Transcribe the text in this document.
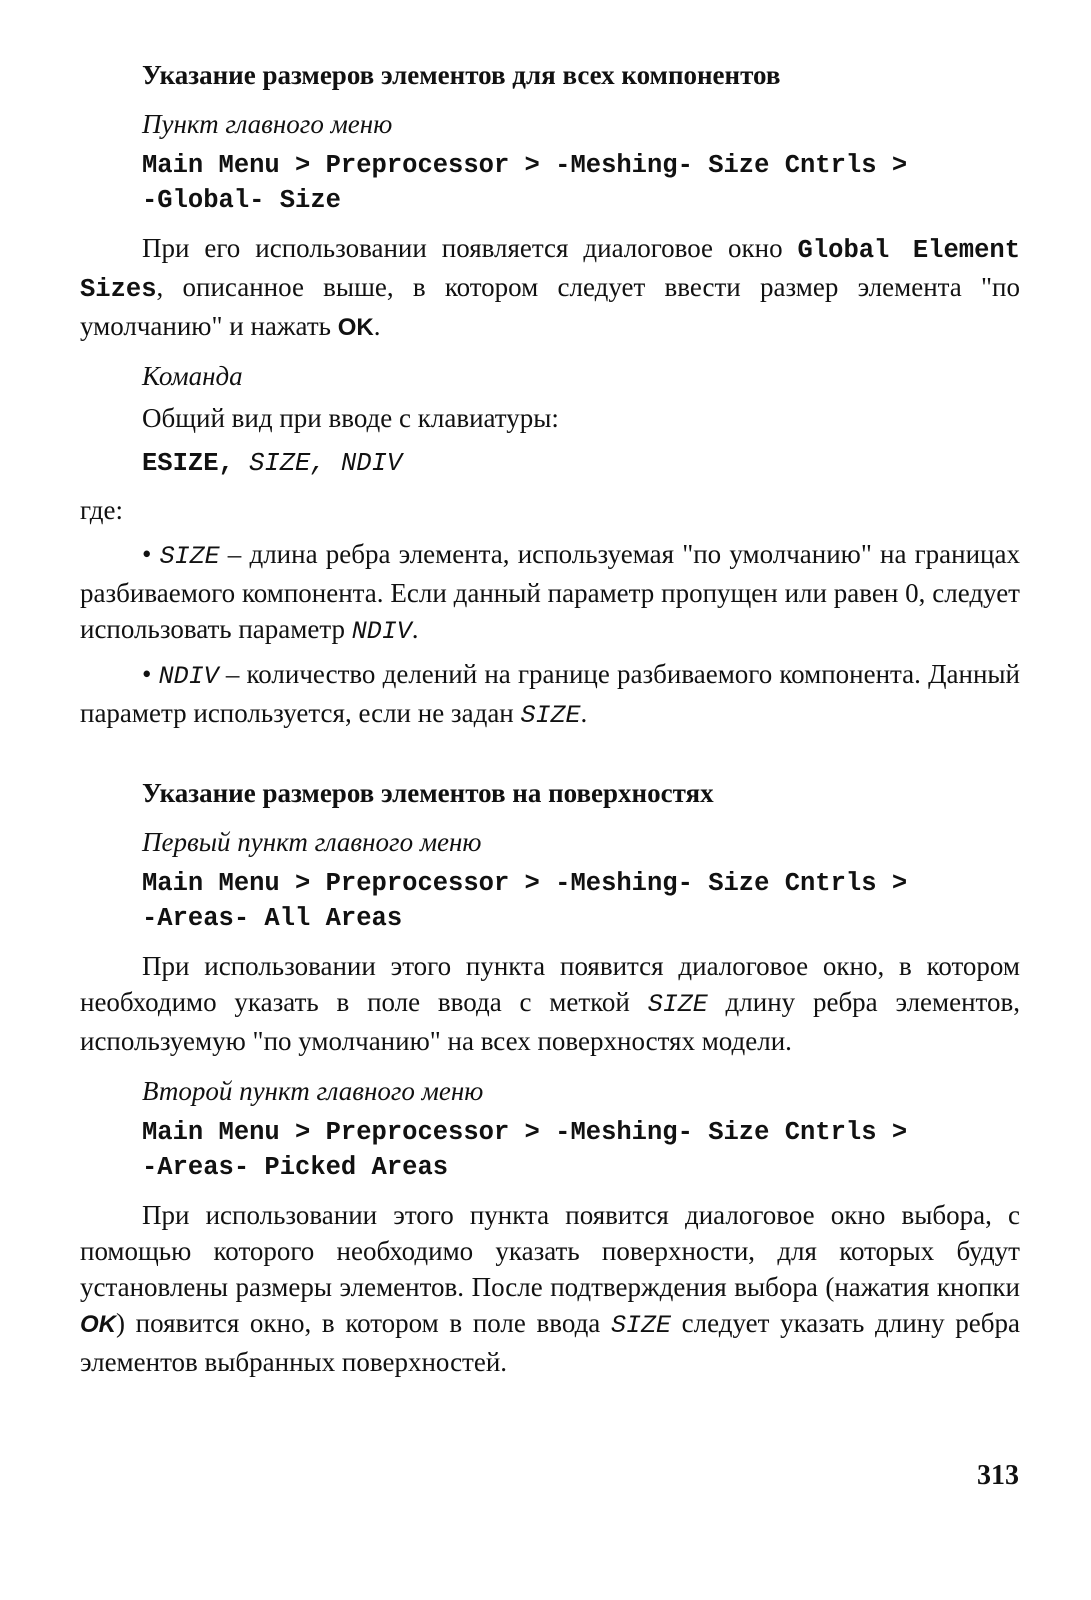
Указание размеров элементов для всех компонентов
Пункт главного меню
Main Menu > Preprocessor > -Meshing- Size Cntrls >
-Global- Size

При его использовании появляется диалоговое окно Global Element Sizes, описанное выше, в котором следует ввести размер элемента "по умолчанию" и нажать OK.

Команда
Общий вид при вводе с клавиатуры:
ESIZE, SIZE, NDIV
где:

• SIZE – длина ребра элемента, используемая "по умолчанию" на границах разбиваемого компонента. Если данный параметр пропущен или равен 0, следует использовать параметр NDIV.

• NDIV – количество делений на границе разбиваемого компонента. Данный параметр используется, если не задан SIZE.

Указание размеров элементов на поверхностях
Первый пункт главного меню
Main Menu > Preprocessor > -Meshing- Size Cntrls >
-Areas- All Areas

При использовании этого пункта появится диалоговое окно, в котором необходимо указать в поле ввода с меткой SIZE длину ребра элементов, используемую "по умолчанию" на всех поверхностях модели.

Второй пункт главного меню
Main Menu > Preprocessor > -Meshing- Size Cntrls >
-Areas- Picked Areas

При использовании этого пункта появится диалоговое окно выбора, с помощью которого необходимо указать поверхности, для которых будут установлены размеры элементов. После подтверждения выбора (нажатия кнопки OK) появится окно, в котором в поле ввода SIZE следует указать длину ребра элементов выбранных поверхностей.

313
